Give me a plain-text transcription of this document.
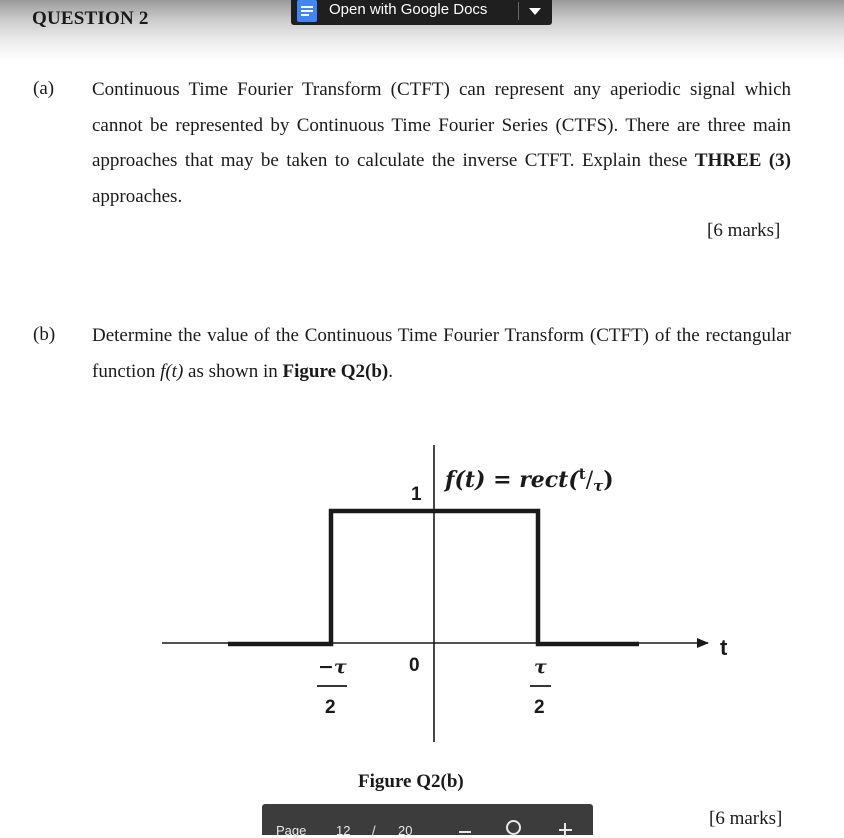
QUESTION 2	Open with Google Docs
(a) Continuous Time Fourier Transform (CTFT) can represent any aperiodic signal which cannot be represented by Continuous Time Fourier Series (CTFS). There are three main approaches that may be taken to calculate the inverse CTFT. Explain these THREE (3) approaches.
[6 marks]
(b) Determine the value of the Continuous Time Fourier Transform (CTFT) of the rectangular function f(t) as shown in Figure Q2(b).
t
1
0
−τ
2
τ
2
f(t) = rect($^t$/τ)
Figure Q2(b)
[6 marks]
Page 12 / 20
